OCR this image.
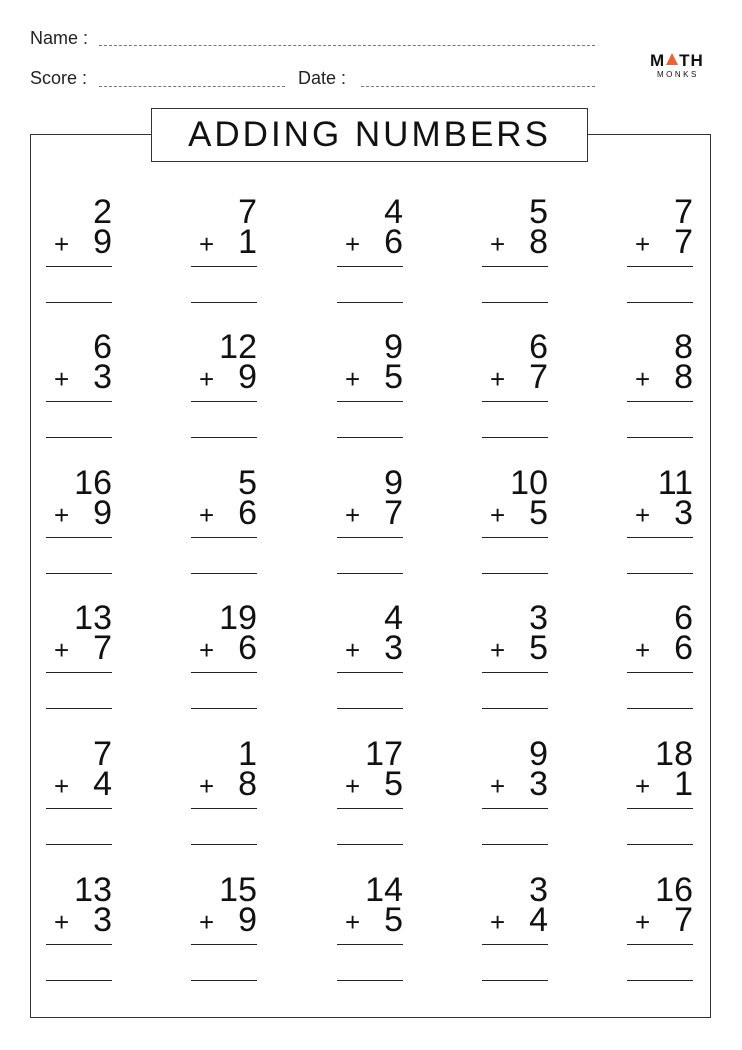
Name :
Score :	Date :
M TH
MONKS
ADDING NUMBERS
2
+ 9
7
+ 1
4
+ 6
5
+ 8
7
+ 7
6
+ 3
12
+ 9
9
+ 5
6
+ 7
8
+ 8
16
+ 9
5
+ 6
9
+ 7
10
+ 5
11
+ 3
13
+ 7
19
+ 6
4
+ 3
3
+ 5
6
+ 6
7
+ 4
1
+ 8
17
+ 5
9
+ 3
18
+ 1
13
+ 3
15
+ 9
14
+ 5
3
+ 4
16
+ 7
